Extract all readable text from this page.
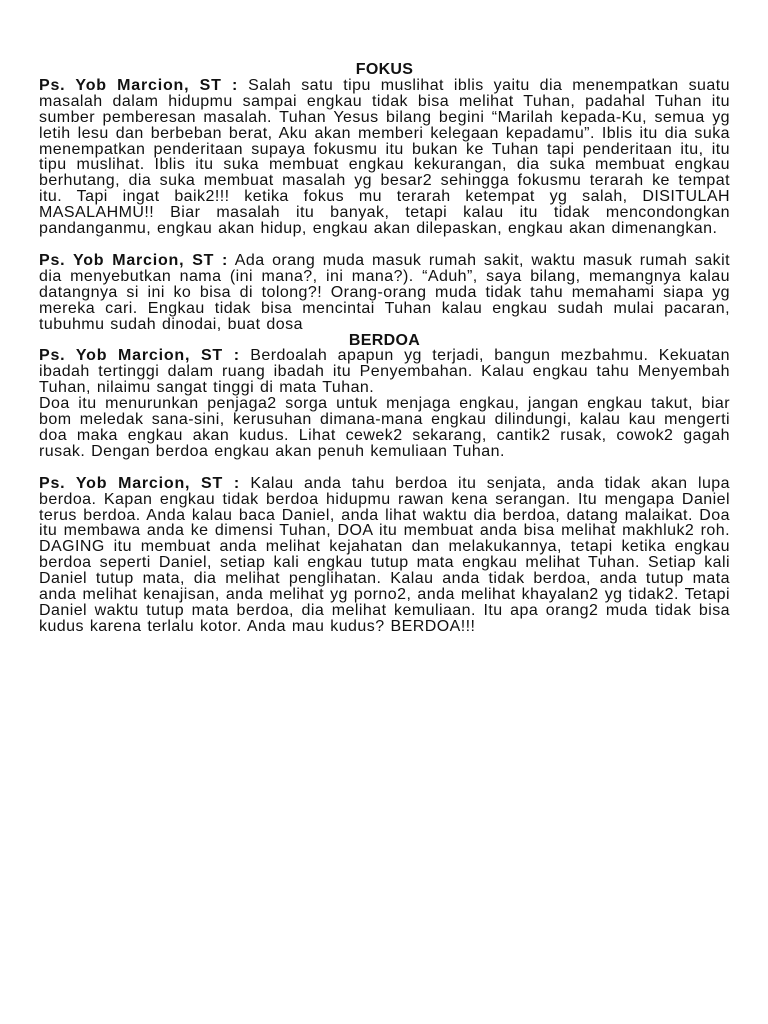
FOKUS

Ps. Yob Marcion, ST : Salah satu tipu muslihat iblis yaitu dia menempatkan suatu masalah dalam hidupmu sampai engkau tidak bisa melihat Tuhan, padahal Tuhan itu sumber pemberesan masalah. Tuhan Yesus bilang begini “Marilah kepada-Ku, semua yg letih lesu dan berbeban berat, Aku akan memberi kelegaan kepadamu”. Iblis itu dia suka menempatkan penderitaan supaya fokusmu itu bukan ke Tuhan tapi penderitaan itu, itu tipu muslihat. Iblis itu suka membuat engkau kekurangan, dia suka membuat engkau berhutang, dia suka membuat masalah yg besar2 sehingga fokusmu terarah ke tempat itu. Tapi ingat baik2!!! ketika fokus mu terarah ketempat yg salah, DISITULAH MASALAHMU!! Biar masalah itu banyak, tetapi kalau itu tidak mencondongkan pandanganmu, engkau akan hidup, engkau akan dilepaskan, engkau akan dimenangkan.

Ps. Yob Marcion, ST : Ada orang muda masuk rumah sakit, waktu masuk rumah sakit dia menyebutkan nama (ini mana?, ini mana?). “Aduh”, saya bilang, memangnya kalau datangnya si ini ko bisa di tolong?! Orang-orang muda tidak tahu memahami siapa yg mereka cari. Engkau tidak bisa mencintai Tuhan kalau engkau sudah mulai pacaran, tubuhmu sudah dinodai, buat dosa

BERDOA

Ps. Yob Marcion, ST : Berdoalah apapun yg terjadi, bangun mezbahmu. Kekuatan ibadah tertinggi dalam ruang ibadah itu Penyembahan. Kalau engkau tahu Menyembah Tuhan, nilaimu sangat tinggi di mata Tuhan.

Doa itu menurunkan penjaga2 sorga untuk menjaga engkau, jangan engkau takut, biar bom meledak sana-sini, kerusuhan dimana-mana engkau dilindungi, kalau kau mengerti doa maka engkau akan kudus. Lihat cewek2 sekarang, cantik2 rusak, cowok2 gagah rusak. Dengan berdoa engkau akan penuh kemuliaan Tuhan.

Ps. Yob Marcion, ST : Kalau anda tahu berdoa itu senjata, anda tidak akan lupa berdoa. Kapan engkau tidak berdoa hidupmu rawan kena serangan. Itu mengapa Daniel terus berdoa. Anda kalau baca Daniel, anda lihat waktu dia berdoa, datang malaikat. Doa itu membawa anda ke dimensi Tuhan, DOA itu membuat anda bisa melihat makhluk2 roh. DAGING itu membuat anda melihat kejahatan dan melakukannya, tetapi ketika engkau berdoa seperti Daniel, setiap kali engkau tutup mata engkau melihat Tuhan. Setiap kali Daniel tutup mata, dia melihat penglihatan. Kalau anda tidak berdoa, anda tutup mata anda melihat kenajisan, anda melihat yg porno2, anda melihat khayalan2 yg tidak2. Tetapi Daniel waktu tutup mata berdoa, dia melihat kemuliaan. Itu apa orang2 muda tidak bisa kudus karena terlalu kotor. Anda mau kudus? BERDOA!!!
